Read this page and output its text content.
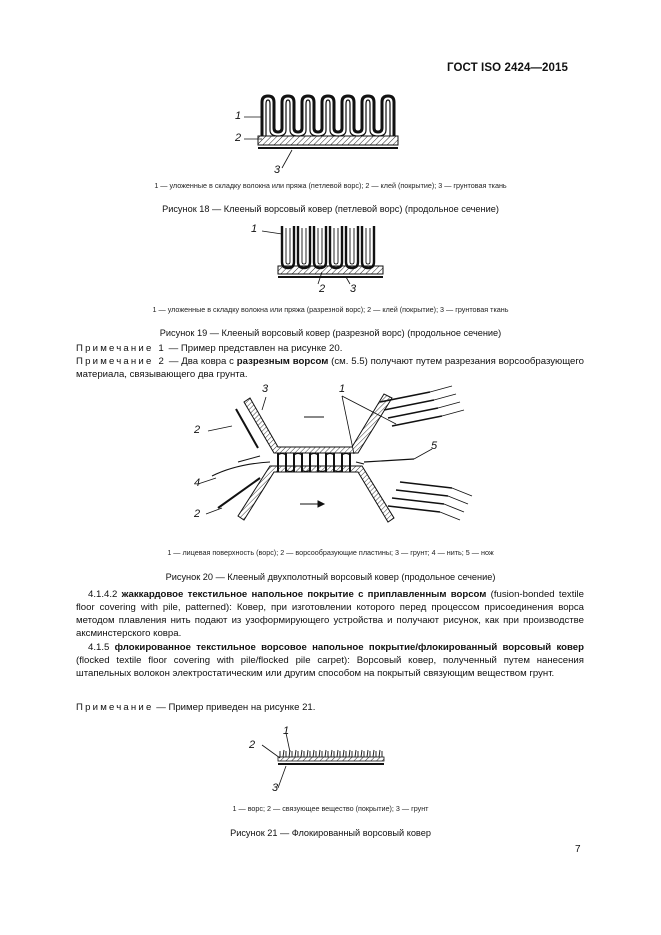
ГОСТ ISO 2424—2015
1
2
3
1 — уложенные в складку волокна или пряжа (петлевой ворс); 2 — клей (покрытие); 3 — грунтовая ткань
Рисунок 18 — Клееный ворсовый ковер (петлевой ворс) (продольное сечение)
1
2 3
1 — уложенные в складку волокна или пряжа (разрезной ворс); 2 — клей (покрытие); 3 — грунтовая ткань
Рисунок 19 — Клееный ворсовый ковер (разрезной ворс) (продольное сечение)
Примечание 1 — Пример представлен на рисунке 20.
Примечание 2 — Два ковра с разрезным ворсом (см. 5.5) получают путем разрезания ворсообразующего материала, связывающего два грунта.
3	1
2
4
2
5
1 — лицевая поверхность (ворс); 2 — ворсообразующие пластины; 3 — грунт; 4 — нить; 5 — нож
Рисунок 20 — Клееный двухполотный ворсовый ковер (продольное сечение)
4.1.4.2 жаккардовое текстильное напольное покрытие с приплавленным ворсом (fusion-bonded textile floor covering with pile, patterned): Ковер, при изготовлении которого перед процессом присоединения ворса методом плавления нить подают из узоформирующего устройства и получают рисунок, как при производстве аксминстерского ковра.
4.1.5 флокированное текстильное ворсовое напольное покрытие/флокированный ворсовый ковер (flocked textile floor covering with pile/flocked pile carpet): Ворсовый ковер, полученный путем нанесения штапельных волокон электростатическим или другим способом на покрытый связующим веществом грунт.
Примечание — Пример приведен на рисунке 21.
1
2
3
1 — ворс; 2 — связующее вещество (покрытие); 3 — грунт
Рисунок 21 — Флокированный ворсовый ковер
7
